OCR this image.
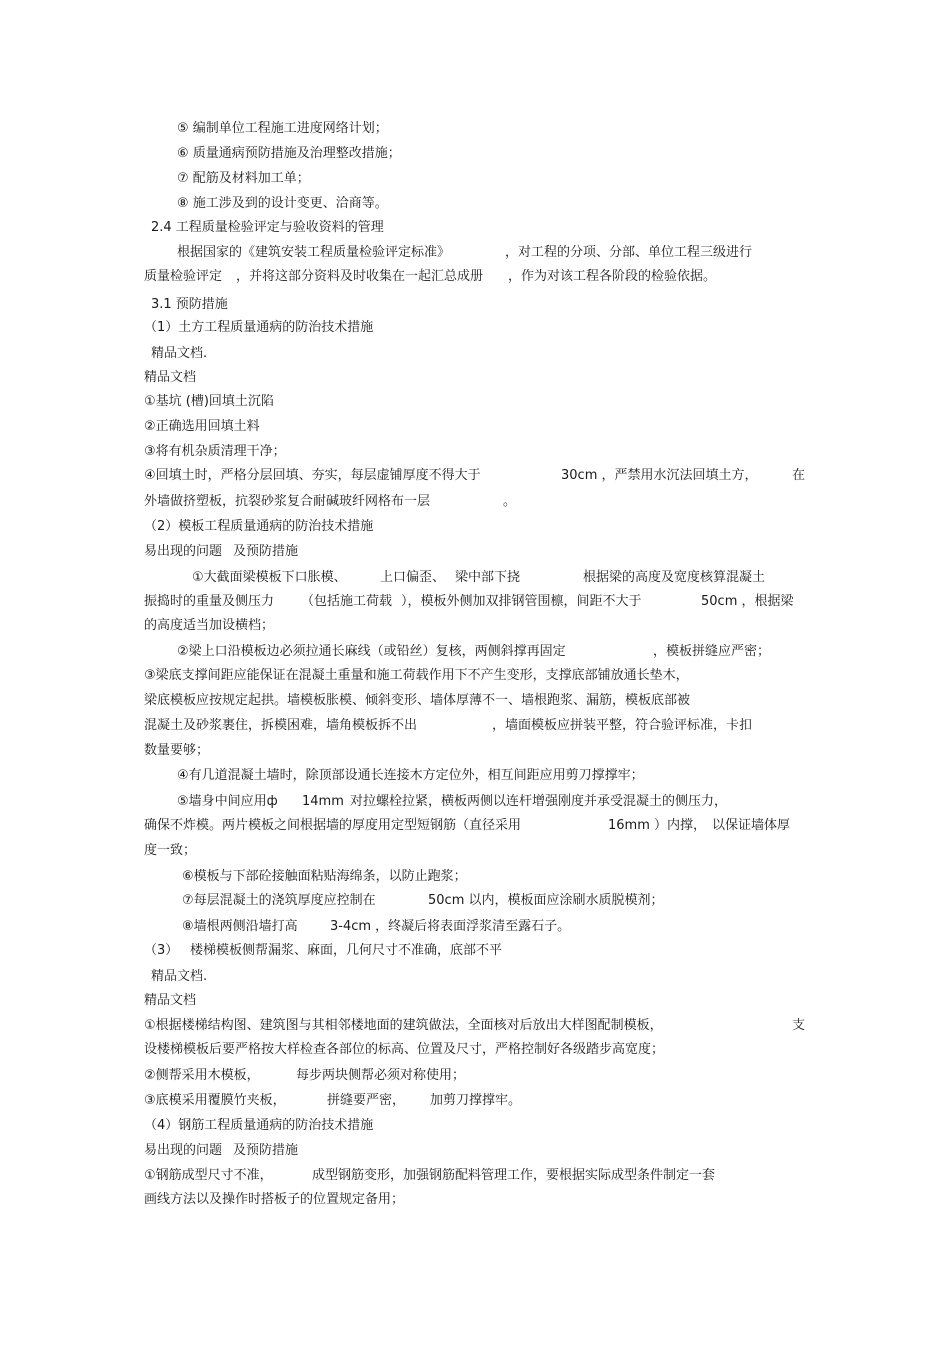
⑤ 编制单位工程施工进度网络计划；
⑥ 质量通病预防措施及治理整改措施；
⑦ 配筋及材料加工单；
⑧ 施工涉及到的设计变更、洽商等。
2.4 工程质量检验评定与验收资料的管理
根据国家的《建筑安装工程质量检验评定标准》	，对工程的分项、分部、单位工程三级进行
质量检验评定 ，并将这部分资料及时收集在一起汇总成册 ，作为对该工程各阶段的检验依据。
3.1 预防措施
（1）土方工程质量通病的防治技术措施
精品文档.
精品文档
①基坑 (槽)回填土沉陷
②正确选用回填土料
③将有机杂质清理干净；
④回填土时，严格分层回填、夯实，每层虚铺厚度不得大于	30cm ，严禁用水沉法回填土方，	在
外墙做挤塑板，抗裂砂浆复合耐碱玻纤网格布一层	。
（2）模板工程质量通病的防治技术措施
易出现的问题 及预防措施
①大截面梁模板下口胀模、	上口偏歪、 梁中部下挠	根据梁的高度及宽度核算混凝土
振捣时的重量及侧压力 （包括施工荷载 ），模板外侧加双排钢管围檩，间距不大于	50cm ，根据梁
的高度适当加设横档；
②梁上口沿模板边必须拉通长麻线（或铅丝）复核，两侧斜撑再固定	，模板拼缝应严密；
③梁底支撑间距应能保证在混凝土重量和施工荷载作用下不产生变形，支撑底部铺放通长垫木，
梁底模板应按规定起拱。墙模板胀模、倾斜变形、墙体厚薄不一、墙根跑浆、漏筋，模板底部被
混凝土及砂浆裹住，拆模困难，墙角模板拆不出	，墙面模板应拼装平整，符合验评标准，卡扣
数量要够；
④有几道混凝土墙时，除顶部设通长连接木方定位外，相互间距应用剪刀撑撑牢；
⑤墙身中间应用ф 14mm 对拉螺栓拉紧，横板两侧以连杆增强刚度并承受混凝土的侧压力，
确保不炸模。两片模板之间根据墙的厚度用定型短钢筋（直径采用	16mm ）内撑， 以保证墙体厚
度一致；
⑥模板与下部砼接触面粘贴海绵条，以防止跑浆；
⑦每层混凝土的浇筑厚度应控制在	50cm 以内，模板面应涂刷水质脱模剂；
⑧墙根两侧沿墙打高 3-4cm ，终凝后将表面浮浆清至露石子。
（3） 楼梯模板侧帮漏浆、麻面，几何尺寸不准确，底部不平
精品文档.
精品文档
①根据楼梯结构图、建筑图与其相邻楼地面的建筑做法，全面核对后放出大样图配制模板，	支
设楼梯模板后要严格按大样检查各部位的标高、位置及尺寸，严格控制好各级踏步高宽度；
②侧帮采用木模板，	每步两块侧帮必须对称使用；
③底模采用覆膜竹夹板，	拼缝要严密， 加剪刀撑撑牢。
（4）钢筋工程质量通病的防治技术措施
易出现的问题 及预防措施
①钢筋成型尺寸不准，	成型钢筋变形，加强钢筋配料管理工作，要根据实际成型条件制定一套
画线方法以及操作时搭板子的位置规定备用；
